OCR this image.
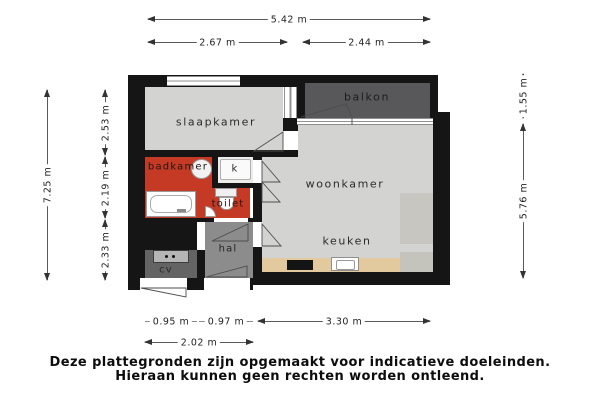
slaapkamer
balkon
woonkamer
keuken
badkamer k
toilet
hal
cv
5.42 m
2.67 m	2.44 m
7.25 m
2.53 m
2.19 m
2.33 m
1.55 m
5.76 m
0.95 m	0.97 m	3.30 m
2.02 m
Deze plattegronden zijn opgemaakt voor indicatieve doeleinden.
Hieraan kunnen geen rechten worden ontleend.
